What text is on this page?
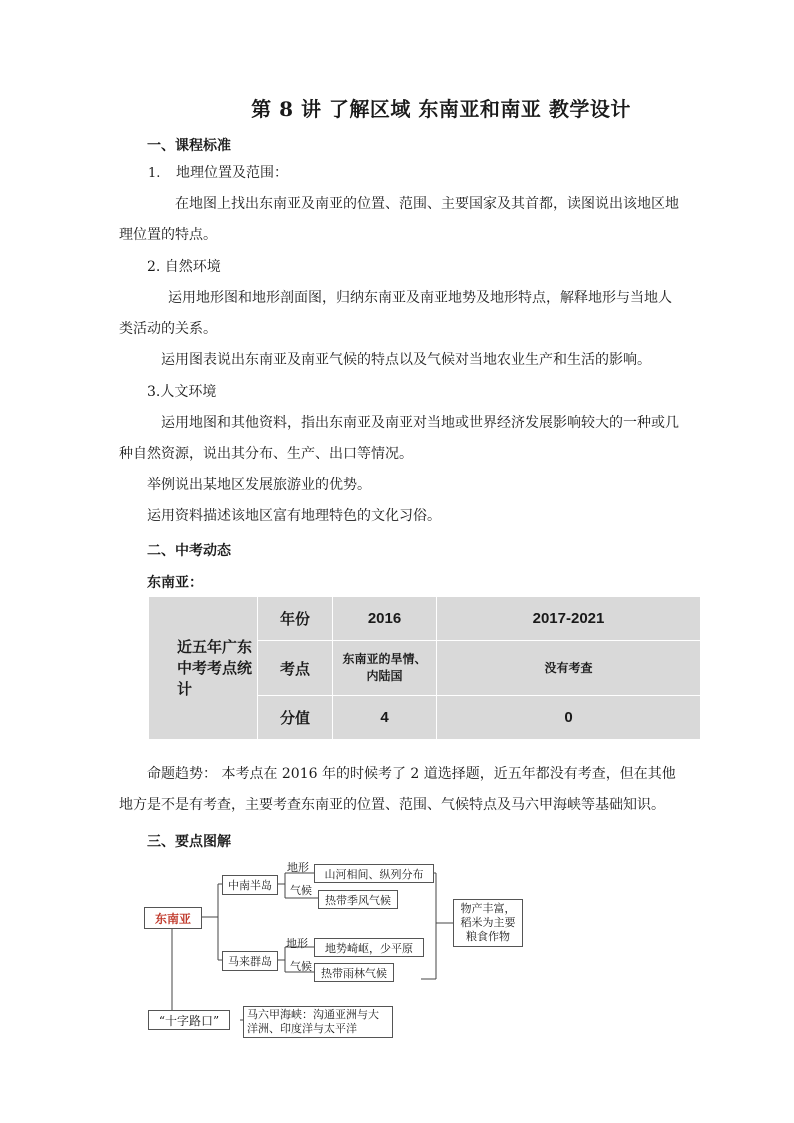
第 8 讲 了解区域 东南亚和南亚 教学设计
一、课程标准
1. 地理位置及范围：
在地图上找出东南亚及南亚的位置、范围、主要国家及其首都，读图说出该地区地
理位置的特点。
2. 自然环境
运用地形图和地形剖面图，归纳东南亚及南亚地势及地形特点，解释地形与当地人
类活动的关系。
运用图表说出东南亚及南亚气候的特点以及气候对当地农业生产和生活的影响。
3.人文环境
运用地图和其他资料，指出东南亚及南亚对当地或世界经济发展影响较大的一种或几
种自然资源，说出其分布、生产、出口等情况。
举例说出某地区发展旅游业的优势。
运用资料描述该地区富有地理特色的文化习俗。
二、中考动态
东南亚：
近五年广东中考考点统计	年份	2016	2017-2021
	考点	东南亚的旱情、内陆国	没有考查
	分值	4	0
命题趋势： 本考点在 2016 年的时候考了 2 道选择题，近五年都没有考查，但在其他
地方是不是有考查，主要考查东南亚的位置、范围、气候特点及马六甲海峡等基础知识。
三、要点图解
东南亚
中南半岛
马来群岛
地形
气候
地形
气候
山河相间、纵列分布
热带季风气候
地势崎岖，少平原
热带雨林气候
物产丰富，稻米为主要粮食作物
“十字路口”	马六甲海峡：沟通亚洲与大洋洲、印度洋与太平洋
